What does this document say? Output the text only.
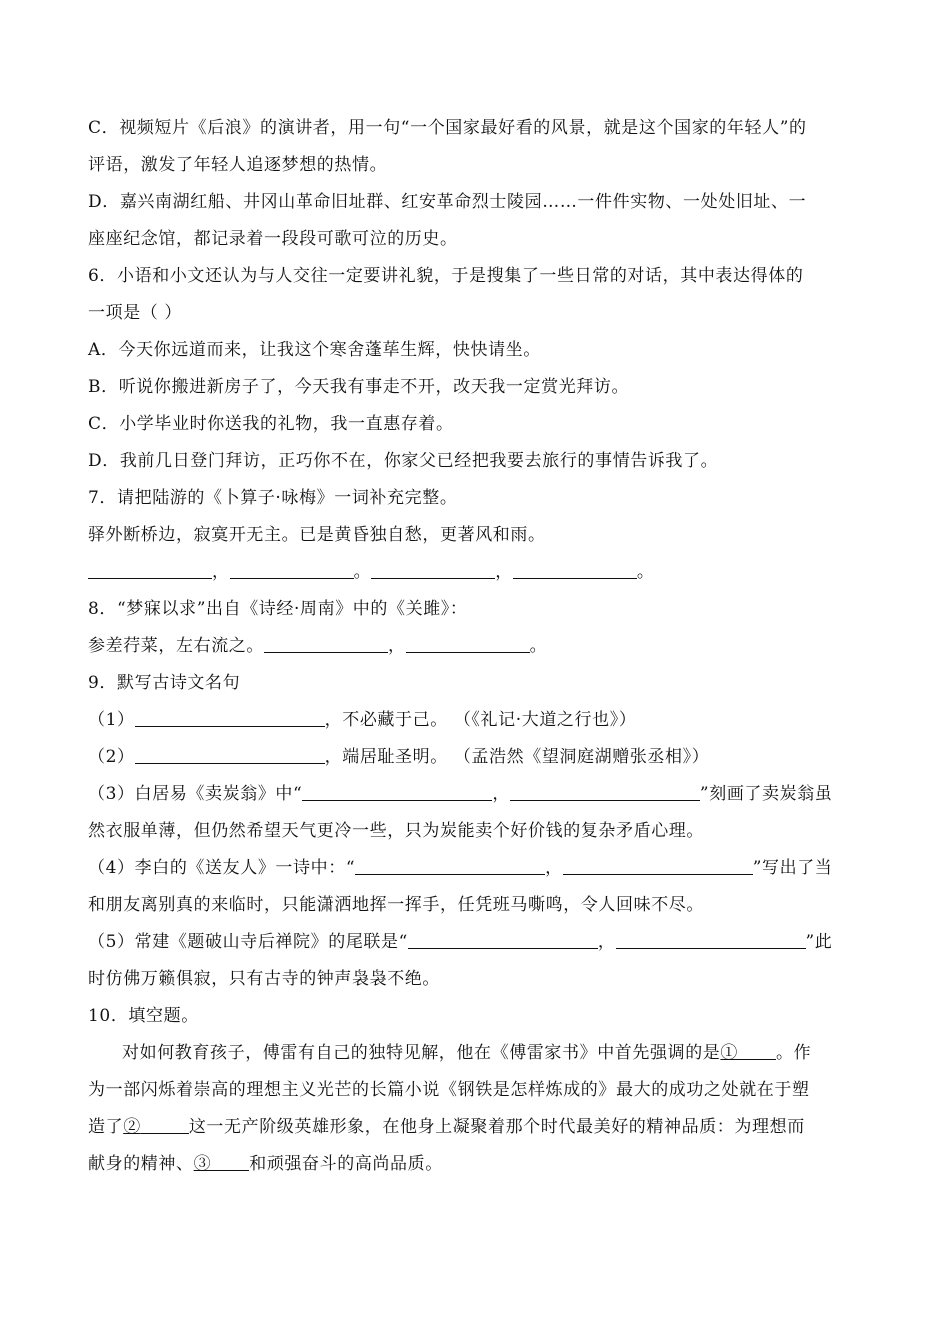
C．视频短片《后浪》的演讲者，用一句“一个国家最好看的风景，就是这个国家的年轻人”的
评语，激发了年轻人追逐梦想的热情。
D．嘉兴南湖红船、井冈山革命旧址群、红安革命烈士陵园……一件件实物、一处处旧址、一
座座纪念馆，都记录着一段段可歌可泣的历史。
6．小语和小文还认为与人交往一定要讲礼貌，于是搜集了一些日常的对话，其中表达得体的
一项是（ ）
A．今天你远道而来，让我这个寒舍蓬荜生辉，快快请坐。
B．听说你搬进新房子了，今天我有事走不开，改天我一定赏光拜访。
C．小学毕业时你送我的礼物，我一直惠存着。
D．我前几日登门拜访，正巧你不在，你家父已经把我要去旅行的事情告诉我了。
7．请把陆游的《卜算子·咏梅》一词补充完整。
驿外断桥边，寂寞开无主。已是黄昏独自愁，更著风和雨。
，	。	，	。
8．“梦寐以求”出自《诗经·周南》中的《关雎》：
参差荇菜，左右流之。	，	。
9．默写古诗文名句
（1）	，不必藏于己。 （《礼记·大道之行也》）
（2）	，端居耻圣明。 （孟浩然《望洞庭湖赠张丞相》）
（3）白居易《卖炭翁》中“	，	”刻画了卖炭翁虽
然衣服单薄，但仍然希望天气更冷一些，只为炭能卖个好价钱的复杂矛盾心理。
（4）李白的《送友人》一诗中：“	，	”写出了当
和朋友离别真的来临时，只能潇洒地挥一挥手，任凭班马嘶鸣，令人回味不尽。
（5）常建《题破山寺后禅院》的尾联是“	，	”此
时仿佛万籁俱寂，只有古寺的钟声袅袅不绝。
10．填空题。
对如何教育孩子，傅雷有自己的独特见解，他在《傅雷家书》中首先强调的是① 。作
为一部闪烁着崇高的理想主义光芒的长篇小说《钢铁是怎样炼成的》最大的成功之处就在于塑
造了②	这一无产阶级英雄形象，在他身上凝聚着那个时代最美好的精神品质：为理想而
献身的精神、③ 和顽强奋斗的高尚品质。
